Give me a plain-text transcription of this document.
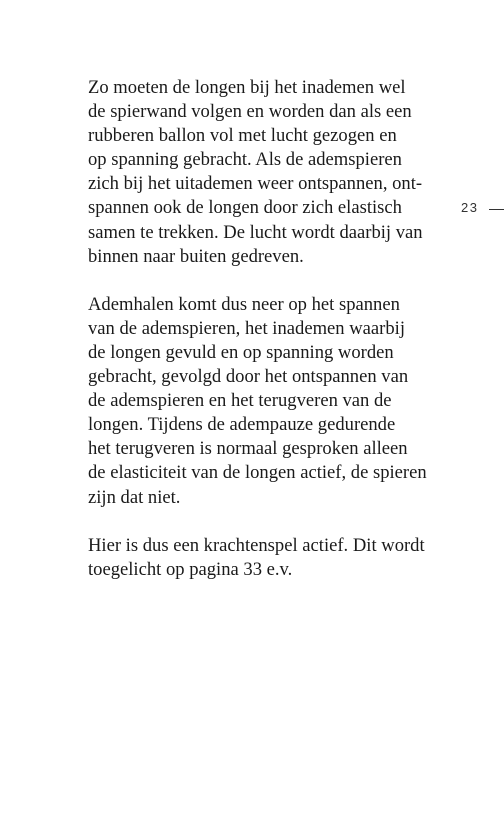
Zo moeten de longen bij het inademen wel
de spierwand volgen en worden dan als een
rubberen ballon vol met lucht gezogen en
op spanning gebracht. Als de ademspieren
zich bij het uitademen weer ontspannen, ont-
spannen ook de longen door zich elastisch
samen te trekken. De lucht wordt daarbij van
binnen naar buiten gedreven.

Ademhalen komt dus neer op het spannen
van de ademspieren, het inademen waarbij
de longen gevuld en op spanning worden
gebracht, gevolgd door het ontspannen van
de ademspieren en het terugveren van de
longen. Tijdens de adempauze gedurende
het terugveren is normaal gesproken alleen
de elasticiteit van de longen actief, de spieren
zijn dat niet.

Hier is dus een krachtenspel actief. Dit wordt
toegelicht op pagina 33 e.v.

23
